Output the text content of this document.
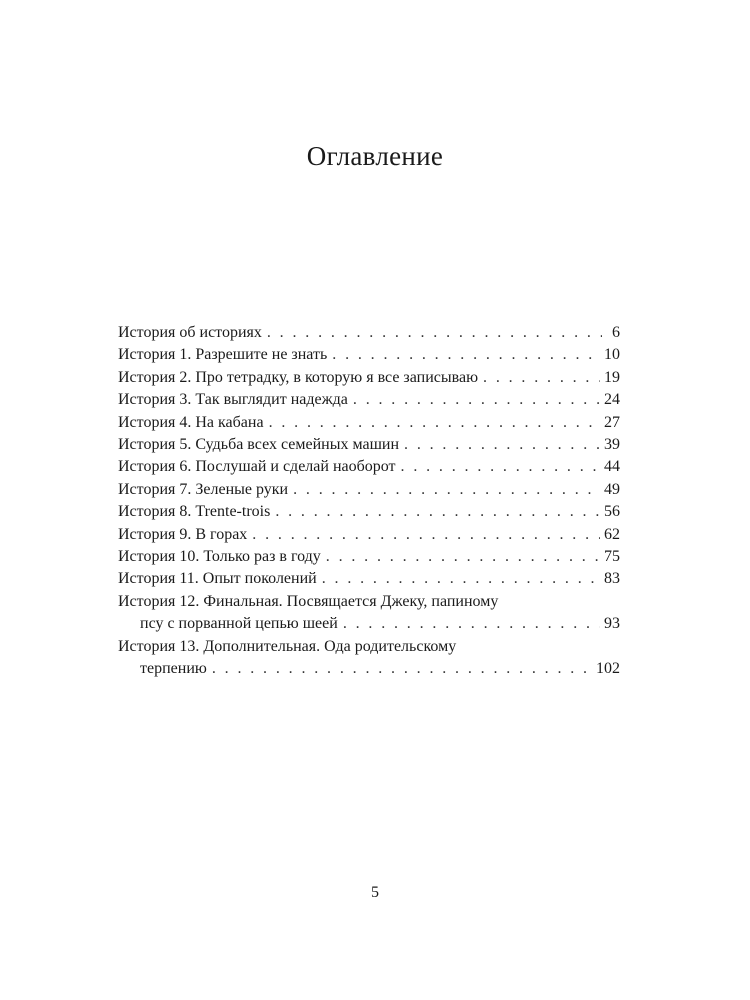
Оглавление
История об историях . . .	6
История 1. Разрешите не знать . . .	10
История 2. Про тетрадку, в которую я все записываю . . .	19
История 3. Так выглядит надежда . . .	24
История 4. На кабана . . .	27
История 5. Судьба всех семейных машин . . .	39
История 6. Послушай и сделай наоборот . . .	44
История 7. Зеленые руки . . .	49
История 8. Trente-trois . . .	56
История 9. В горах . . .	62
История 10. Только раз в году . . .	75
История 11. Опыт поколений . . .	83
История 12. Финальная. Посвящается Джеку, папиному
псу с порванной цепью шеей . . .	93
История 13. Дополнительная. Ода родительскому
терпению . . .	102
5
